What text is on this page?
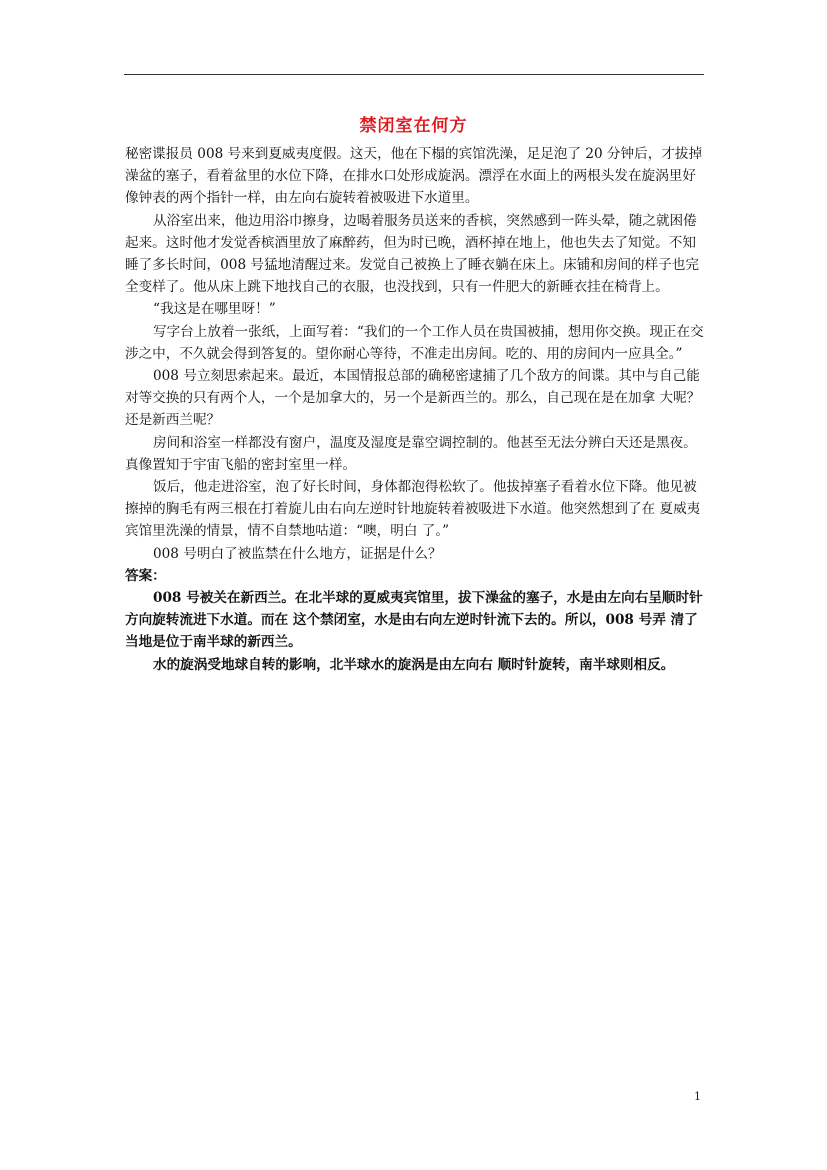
禁闭室在何方

秘密谍报员 008 号来到夏威夷度假。这天，他在下榻的宾馆洗澡，足足泡了 20 分钟后，才拔掉澡盆的塞子，看着盆里的水位下降，在排水口处形成旋涡。漂浮在水面上的两根头发在旋涡里好像钟表的两个指针一样，由左向右旋转着被吸进下水道里。

从浴室出来，他边用浴巾擦身，边喝着服务员送来的香槟，突然感到一阵头晕，随之就困倦起来。这时他才发觉香槟酒里放了麻醉药，但为时已晚，酒杯掉在地上，他也失去了知觉。不知睡了多长时间，008 号猛地清醒过来。发觉自己被换上了睡衣躺在床上。床铺和房间的样子也完全变样了。他从床上跳下地找自己的衣服，也没找到，只有一件肥大的新睡衣挂在椅背上。

“我这是在哪里呀！”

写字台上放着一张纸，上面写着：“我们的一个工作人员在贵国被捕，想用你交换。现正在交涉之中，不久就会得到答复的。望你耐心等待，不准走出房间。吃的、用的房间内一应具全。”

008 号立刻思索起来。最近，本国情报总部的确秘密逮捕了几个敌方的间谍。其中与自己能对等交换的只有两个人，一个是加拿大的，另一个是新西兰的。那么，自己现在是在加拿 大呢？还是新西兰呢？

房间和浴室一样都没有窗户，温度及湿度是靠空调控制的。他甚至无法分辨白天还是黑夜。真像置知于宇宙飞船的密封室里一样。

饭后，他走进浴室，泡了好长时间，身体都泡得松软了。他拔掉塞子看着水位下降。他见被擦掉的胸毛有两三根在打着旋儿由右向左逆时针地旋转着被吸进下水道。他突然想到了在 夏威夷宾馆里洗澡的情景，情不自禁地咕道：“噢，明白 了。”

008 号明白了被监禁在什么地方，证据是什么？

答案：

008 号被关在新西兰。在北半球的夏威夷宾馆里，拔下澡盆的塞子，水是由左向右呈顺时针方向旋转流进下水道。而在 这个禁闭室，水是由右向左逆时针流下去的。所以，008 号弄 清了当地是位于南半球的新西兰。

水的旋涡受地球自转的影响，北半球水的旋涡是由左向右 顺时针旋转，南半球则相反。

1
